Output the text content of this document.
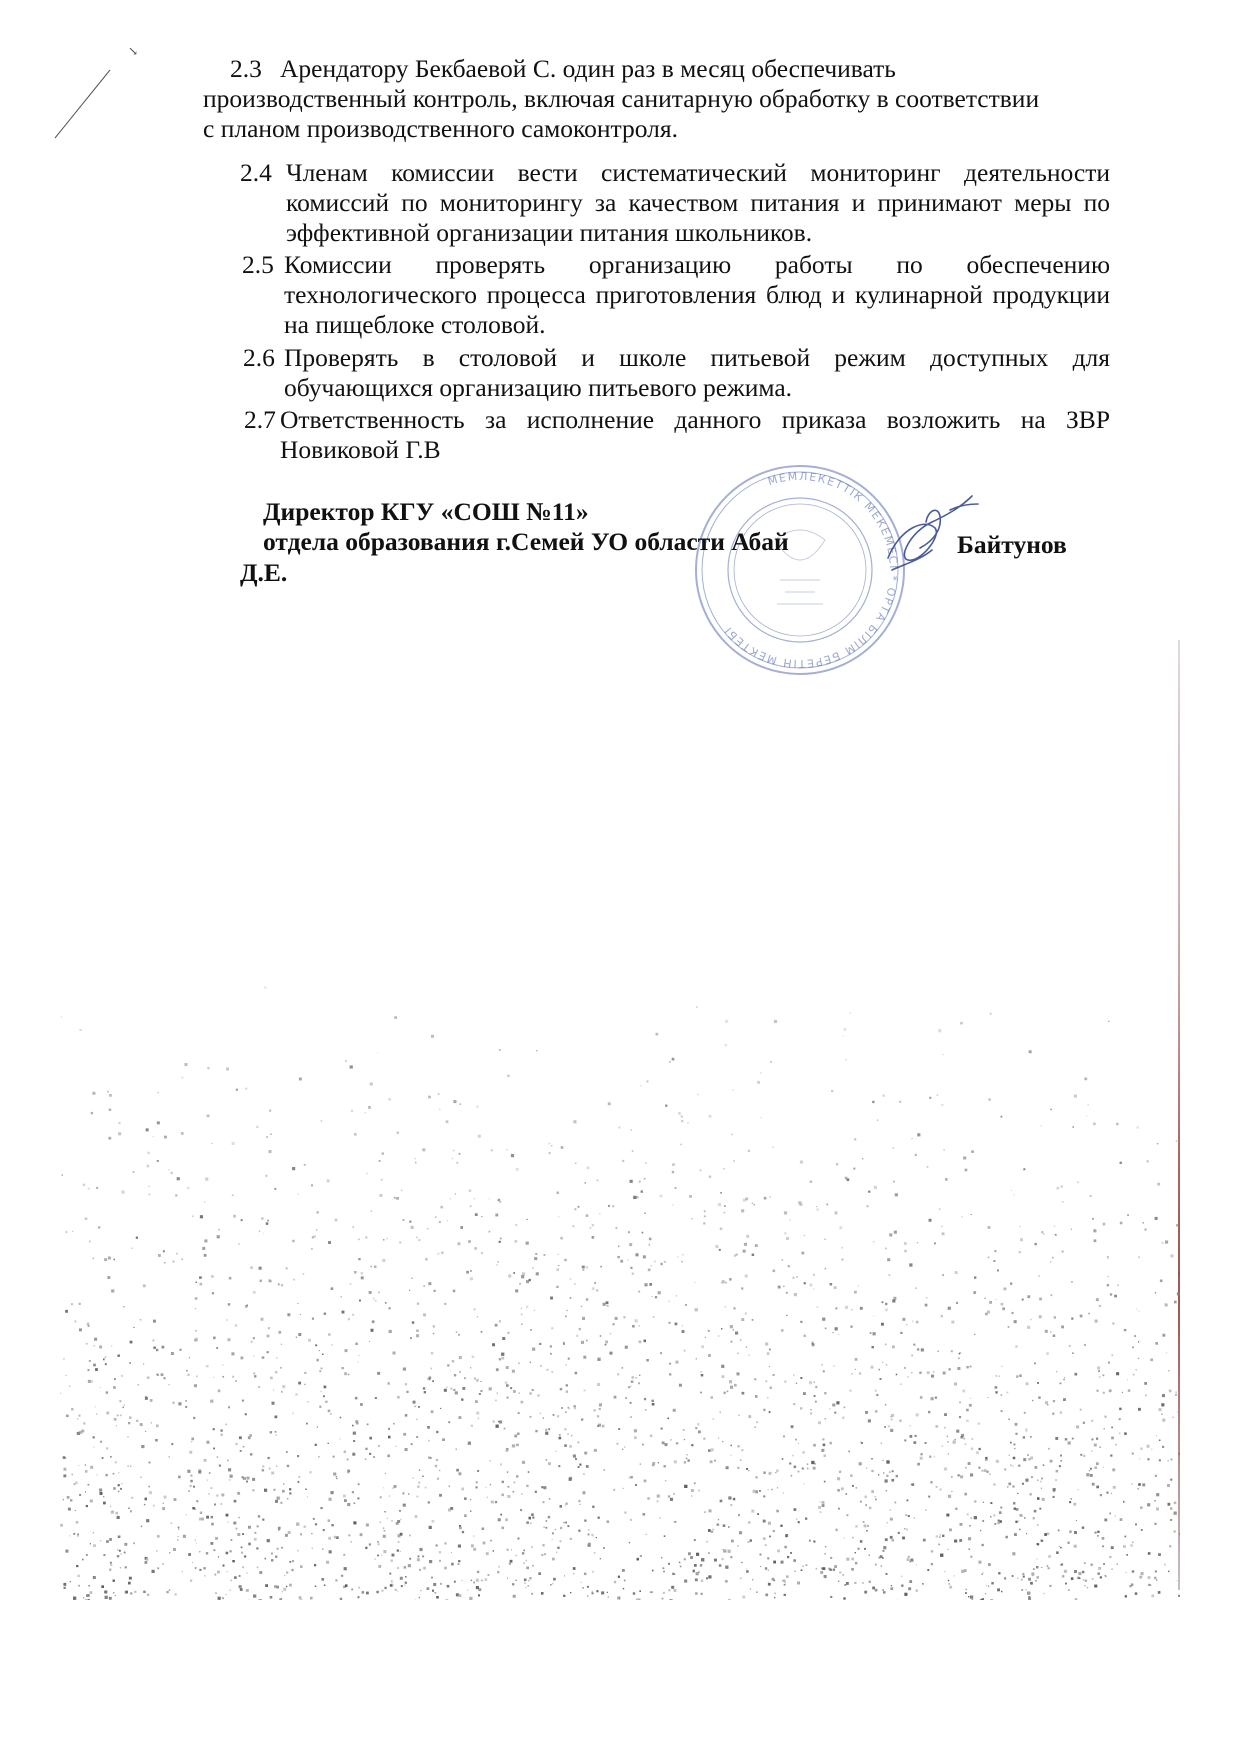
↘
2.3 Арендатору Бекбаевой С. один раз в месяц обеспечивать
производственный контроль, включая санитарную обработку в соответствии
с планом производственного самоконтроля.
2.4 Членам комиссии вести систематический мониторинг деятельности комиссий по мониторингу за качеством питания и принимают меры по эффективной организации питания школьников.
2.5 Комиссии проверять организацию работы по обеспечению технологического процесса приготовления блюд и кулинарной продукции на пищеблоке столовой.
2.6 Проверять в столовой и школе питьевой режим доступных для обучающихся организацию питьевого режима.
2.7 Ответственность за исполнение данного приказа возложить на ЗВР Новиковой Г.В
МЕМЛЕКЕТТІК МЕКЕМЕСІ * ОРТА БІЛІМ БЕРЕТІН МЕКТЕБІ
Директор КГУ «СОШ №11»
отдела образования г.Семей УО области Абай	Байтунов
Д.Е.
